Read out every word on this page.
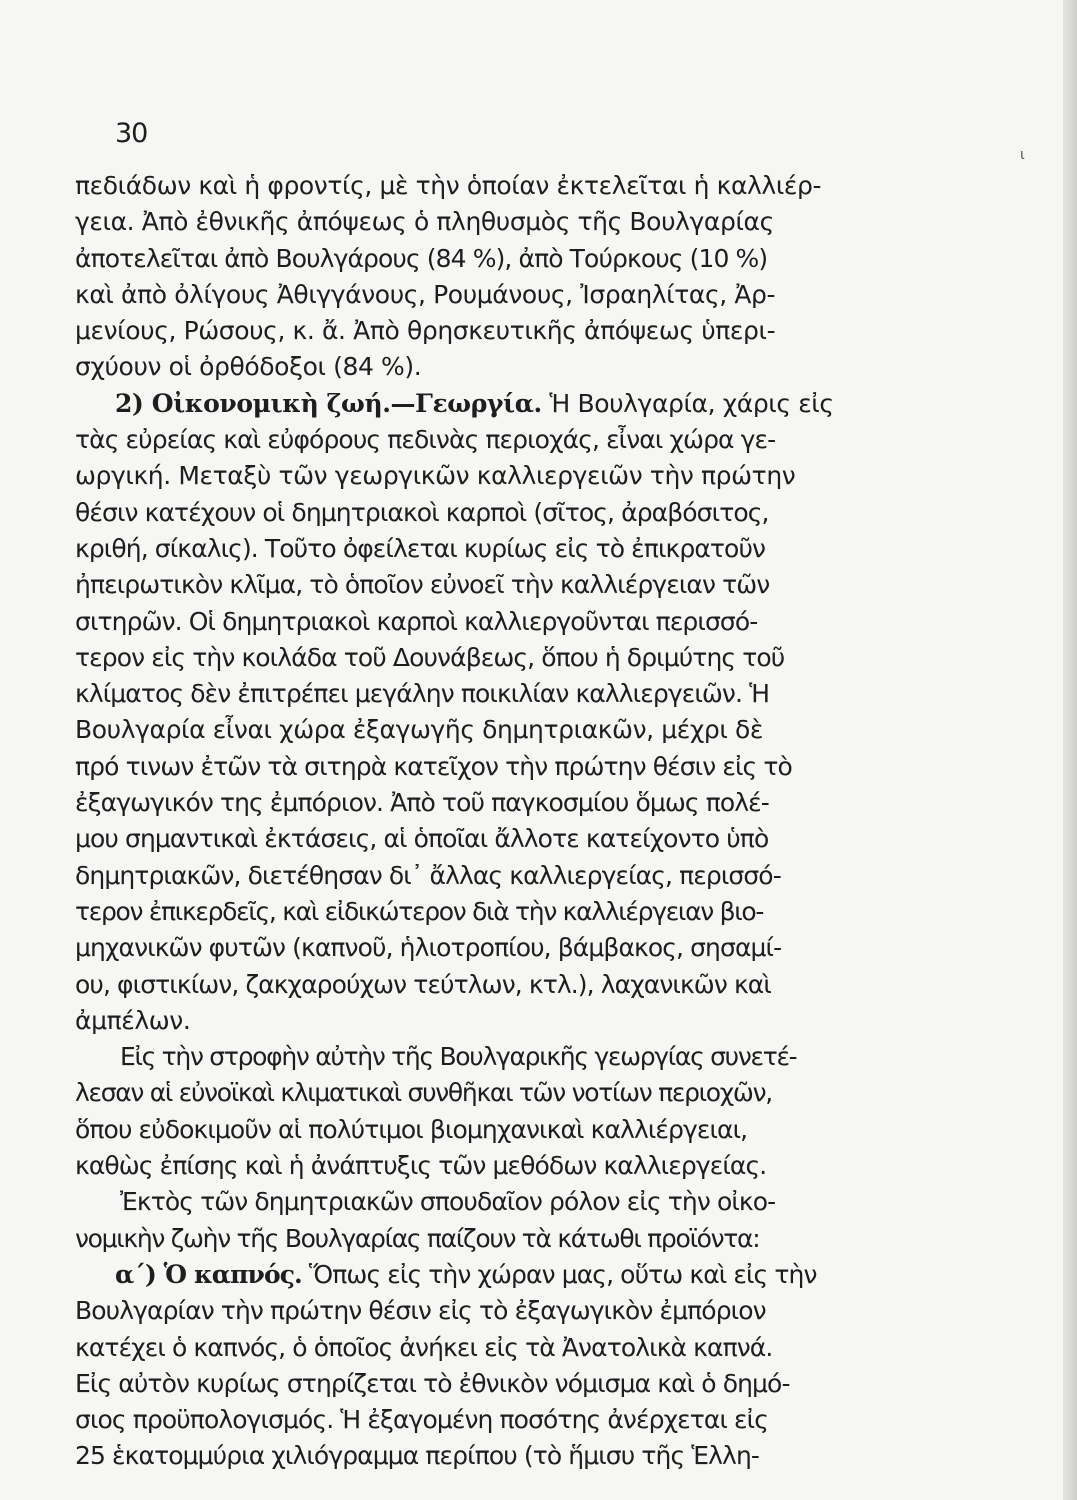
30
ι
πεδιάδων καὶ ἡ φροντίς, μὲ τὴν ὁποίαν ἐκτελεῖται ἡ καλλιέρ-
γεια. Ἀπὸ ἐθνικῆς ἀπόψεως ὁ πληθυσμὸς τῆς Βουλγαρίας
ἀποτελεῖται ἀπὸ Βουλγάρους (84 %), ἀπὸ Τούρκους (10 %)
καὶ ἀπὸ ὀλίγους Ἀθιγγάνους, Ρουμάνους, Ἰσραηλίτας, Ἀρ-
μενίους, Ρώσους, κ. ἄ. Ἀπὸ θρησκευτικῆς ἀπόψεως ὑπερι-
σχύουν οἱ ὀρθόδοξοι (84 %).
2) Οἰκονομικὴ ζωή.—Γεωργία. Ἡ Βουλγαρία, χάρις εἰς
τὰς εὐρείας καὶ εὐφόρους πεδινὰς περιοχάς, εἶναι χώρα γε-
ωργική. Μεταξὺ τῶν γεωργικῶν καλλιεργειῶν τὴν πρώτην
θέσιν κατέχουν οἱ δημητριακοὶ καρποὶ (σῖτος, ἀραβόσιτος,
κριθή, σίκαλις). Τοῦτο ὀφείλεται κυρίως εἰς τὸ ἐπικρατοῦν
ἠπειρωτικὸν κλῖμα, τὸ ὁποῖον εὐνοεῖ τὴν καλλιέργειαν τῶν
σιτηρῶν. Οἱ δημητριακοὶ καρποὶ καλλιεργοῦνται περισσό-
τερον εἰς τὴν κοιλάδα τοῦ Δουνάβεως, ὅπου ἡ δριμύτης τοῦ
κλίματος δὲν ἐπιτρέπει μεγάλην ποικιλίαν καλλιεργειῶν. Ἡ
Βουλγαρία εἶναι χώρα ἐξαγωγῆς δημητριακῶν, μέχρι δὲ
πρό τινων ἐτῶν τὰ σιτηρὰ κατεῖχον τὴν πρώτην θέσιν εἰς τὸ
ἐξαγωγικόν της ἐμπόριον. Ἀπὸ τοῦ παγκοσμίου ὅμως πολέ-
μου σημαντικαὶ ἐκτάσεις, αἱ ὁποῖαι ἄλλοτε κατείχοντο ὑπὸ
δημητριακῶν, διετέθησαν δι᾽ ἄλλας καλλιεργείας, περισσό-
τερον ἐπικερδεῖς, καὶ εἰδικώτερον διὰ τὴν καλλιέργειαν βιο-
μηχανικῶν φυτῶν (καπνοῦ, ἡλιοτροπίου, βάμβακος, σησαμί-
ου, φιστικίων, ζακχαρούχων τεύτλων, κτλ.), λαχανικῶν καὶ
ἀμπέλων.
Εἰς τὴν στροφὴν αὐτὴν τῆς Βουλγαρικῆς γεωργίας συνετέ-
λεσαν αἱ εὐνοϊκαὶ κλιματικαὶ συνθῆκαι τῶν νοτίων περιοχῶν,
ὅπου εὐδοκιμοῦν αἱ πολύτιμοι βιομηχανικαὶ καλλιέργειαι,
καθὼς ἐπίσης καὶ ἡ ἀνάπτυξις τῶν μεθόδων καλλιεργείας.
Ἐκτὸς τῶν δημητριακῶν σπουδαῖον ρόλον εἰς τὴν οἰκο-
νομικὴν ζωὴν τῆς Βουλγαρίας παίζουν τὰ κάτωθι προϊόντα:
α΄) Ὁ καπνός. Ὅπως εἰς τὴν χώραν μας, οὕτω καὶ εἰς τὴν
Βουλγαρίαν τὴν πρώτην θέσιν εἰς τὸ ἐξαγωγικὸν ἐμπόριον
κατέχει ὁ καπνός, ὁ ὁποῖος ἀνήκει εἰς τὰ Ἀνατολικὰ καπνά.
Εἰς αὐτὸν κυρίως στηρίζεται τὸ ἐθνικὸν νόμισμα καὶ ὁ δημό-
σιος προϋπολογισμός. Ἡ ἐξαγομένη ποσότης ἀνέρχεται εἰς
25 ἑκατομμύρια χιλιόγραμμα περίπου (τὸ ἥμισυ τῆς Ἑλλη-
